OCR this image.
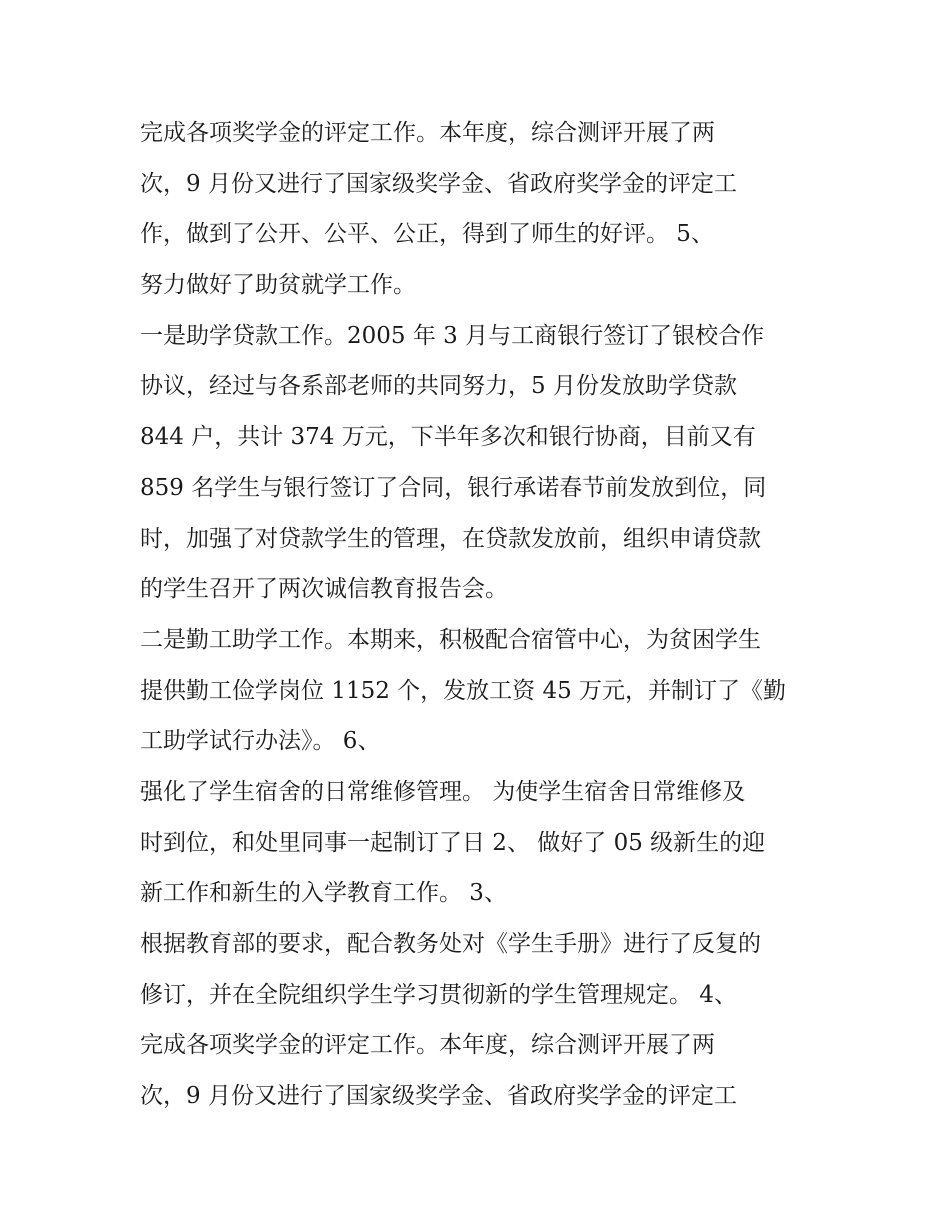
完成各项奖学金的评定工作。本年度，综合测评开展了两
次，9 月份又进行了国家级奖学金、省政府奖学金的评定工
作，做到了公开、公平、公正，得到了师生的好评。 5、
努力做好了助贫就学工作。
一是助学贷款工作。2005 年 3 月与工商银行签订了银校合作
协议，经过与各系部老师的共同努力，5 月份发放助学贷款
844 户，共计 374 万元，下半年多次和银行协商，目前又有
859 名学生与银行签订了合同，银行承诺春节前发放到位，同
时，加强了对贷款学生的管理，在贷款发放前，组织申请贷款
的学生召开了两次诚信教育报告会。
二是勤工助学工作。本期来，积极配合宿管中心，为贫困学生
提供勤工俭学岗位 1152 个，发放工资 45 万元，并制订了《勤
工助学试行办法》。 6、
强化了学生宿舍的日常维修管理。 为使学生宿舍日常维修及
时到位，和处里同事一起制订了日 2、 做好了 05 级新生的迎
新工作和新生的入学教育工作。 3、
根据教育部的要求，配合教务处对《学生手册》进行了反复的
修订，并在全院组织学生学习贯彻新的学生管理规定。 4、
完成各项奖学金的评定工作。本年度，综合测评开展了两
次，9 月份又进行了国家级奖学金、省政府奖学金的评定工
